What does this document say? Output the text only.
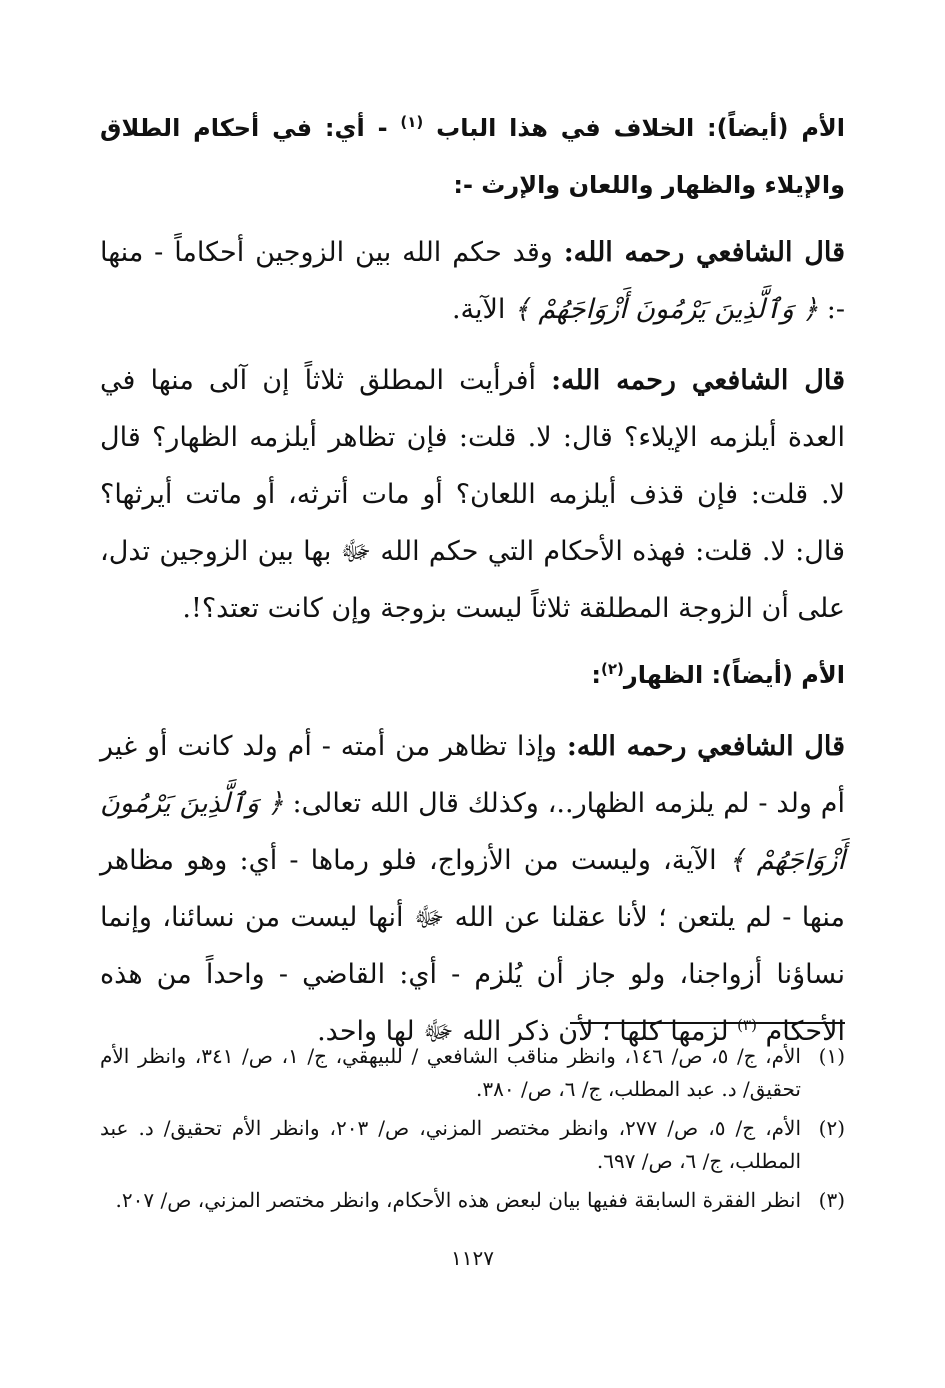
الأم (أيضاً): الخلاف في هذا الباب $^{(١)}$ - أي: في أحكام الطلاق والإيلاء والظهار واللعان والإرث -:

قال الشافعي رحمه الله: وقد حكم الله بين الزوجين أحكاماً - منها -: ﴿ وَٱلَّذِينَ يَرْمُونَ أَزْوَاجَهُمْ ﴾ الآية.

قال الشافعي رحمه الله: أفرأيت المطلق ثلاثاً إن آلى منها في العدة أيلزمه الإيلاء؟ قال: لا. قلت: فإن تظاهر أيلزمه الظهار؟ قال لا. قلت: فإن قذف أيلزمه اللعان؟ أو مات أترثه، أو ماتت أيرثها؟ قال: لا. قلت: فهذه الأحكام التي حكم الله ﷻ بها بين الزوجين تدل، على أن الزوجة المطلقة ثلاثاً ليست بزوجة وإن كانت تعتد؟!.

الأم (أيضاً): الظهار$^{(٢)}$:

قال الشافعي رحمه الله: وإذا تظاهر من أمته - أم ولد كانت أو غير أم ولد - لم يلزمه الظهار..، وكذلك قال الله تعالى: ﴿ وَٱلَّذِينَ يَرْمُونَ أَزْوَاجَهُمْ ﴾ الآية، وليست من الأزواج، فلو رماها - أي: وهو مظاهر منها - لم يلتعن ؛ لأنا عقلنا عن الله ﷻ أنها ليست من نسائنا، وإنما نساؤنا أزواجنا، ولو جاز أن يُلزم - أي: القاضي - واحداً من هذه الأحكام $^{(٣)}$ لزمها كلها ؛ لأن ذكر الله ﷻ لها واحد.

(١)
الأم، ج/ ٥، ص/ ١٤٦، وانظر مناقب الشافعي / للبيهقي، ج/ ١، ص/ ٣٤١، وانظر الأم تحقيق/ د. عبد المطلب، ج/ ٦، ص/ ٣٨٠.
(٢)
الأم، ج/ ٥، ص/ ٢٧٧، وانظر مختصر المزني، ص/ ٢٠٣، وانظر الأم تحقيق/ د. عبد المطلب، ج/ ٦، ص/ ٦٩٧.
(٣)
انظر الفقرة السابقة ففيها بيان لبعض هذه الأحكام، وانظر مختصر المزني، ص/ ٢٠٧.
١١٢٧
